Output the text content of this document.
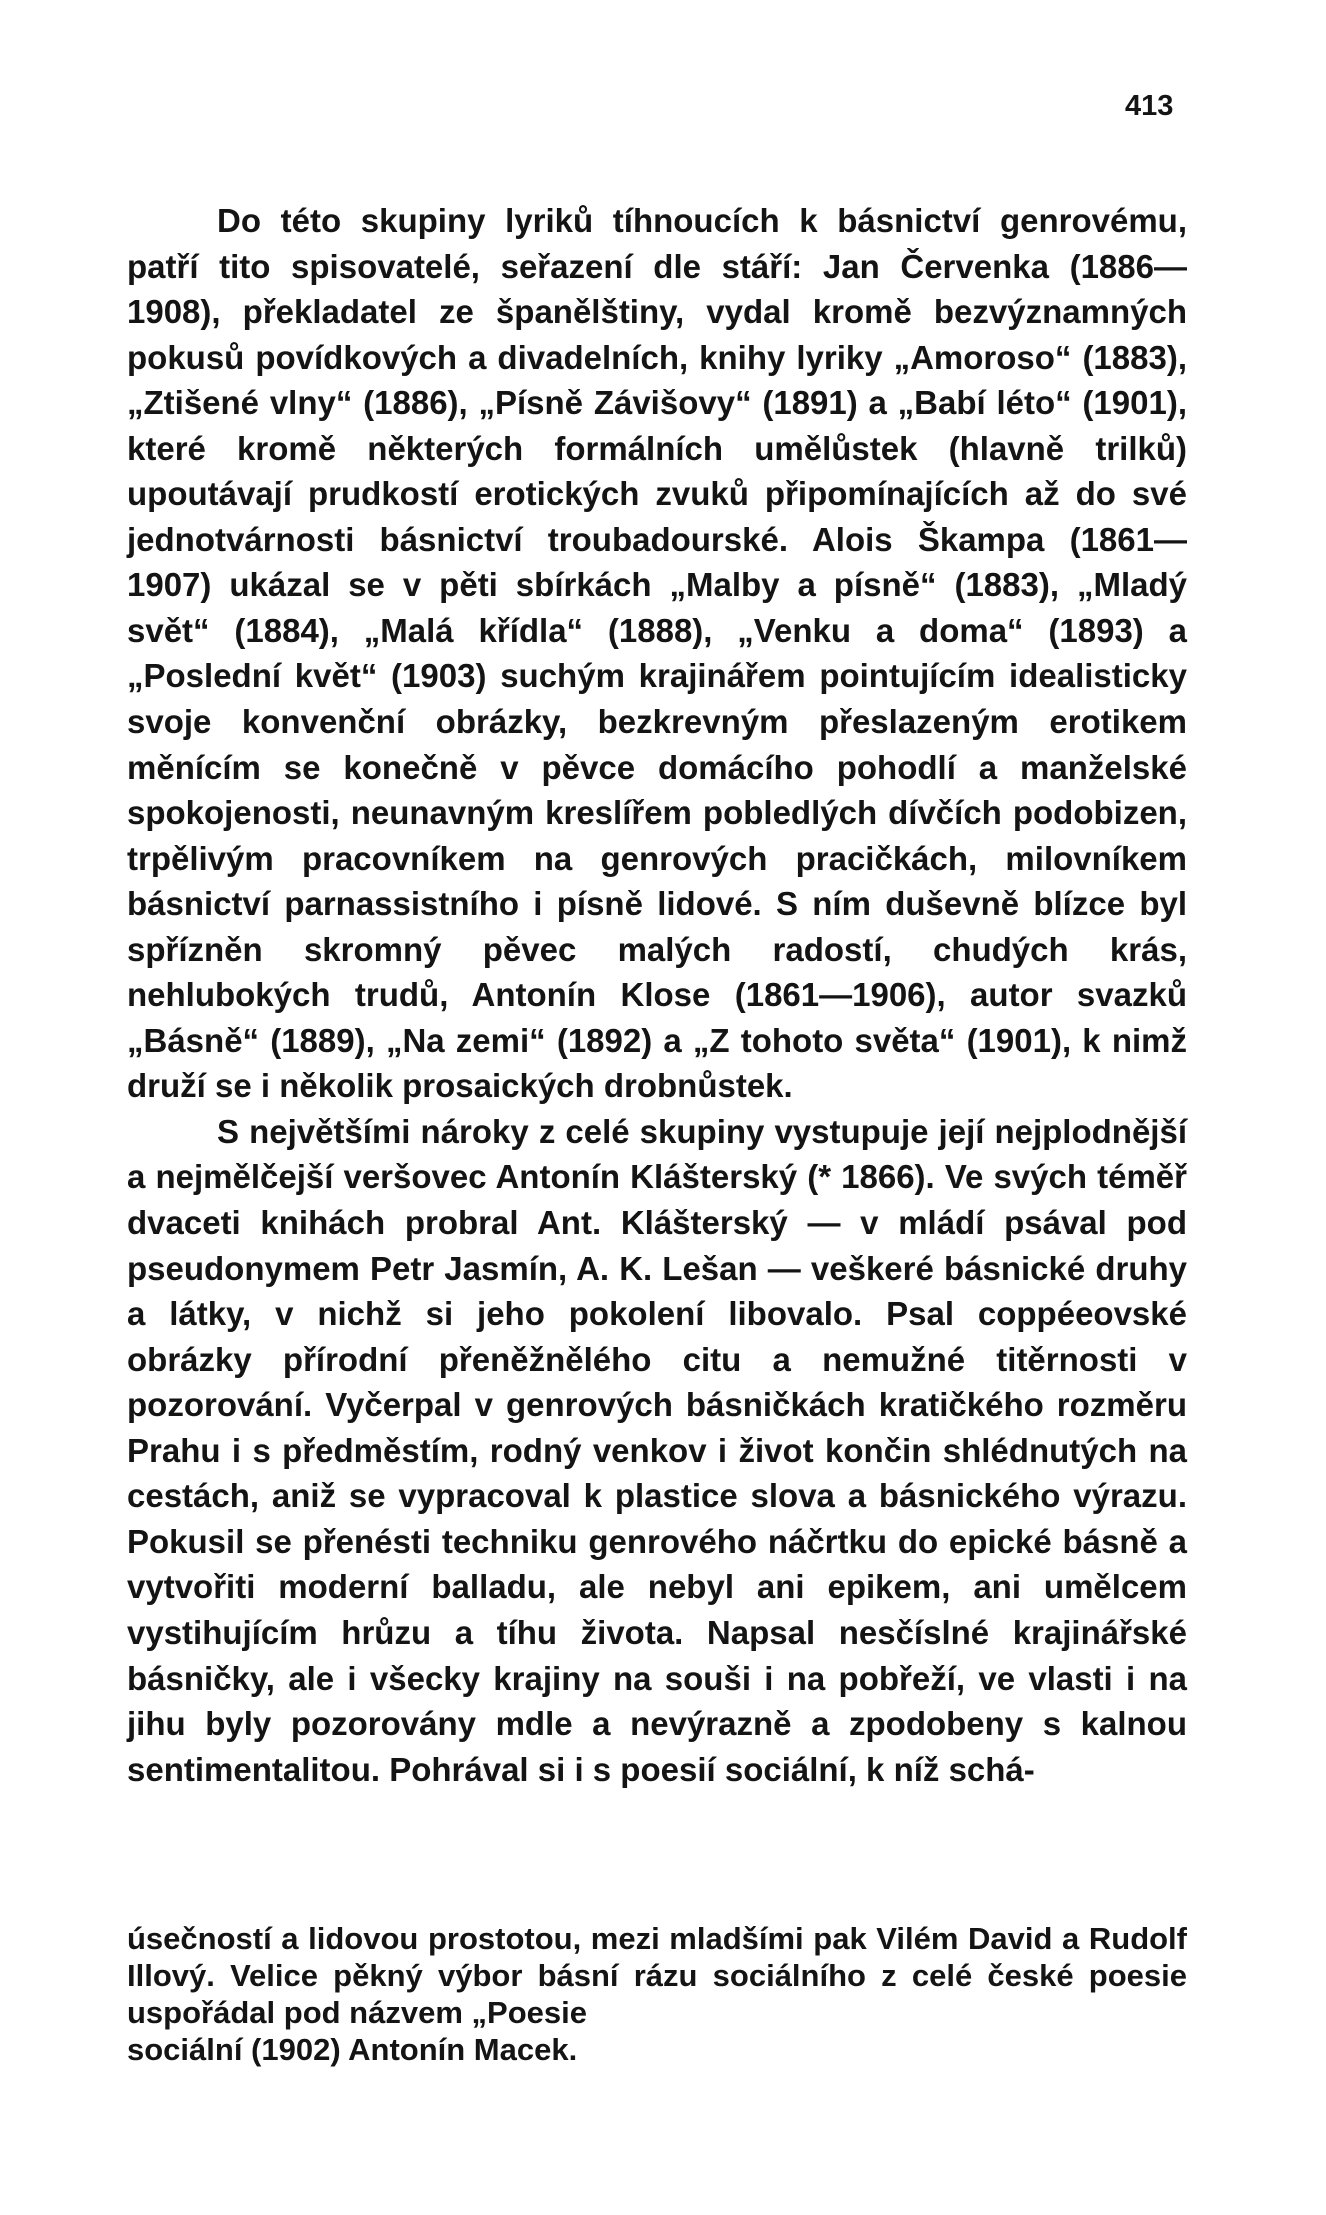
413

Do této skupiny lyriků tíhnoucích k básnictví genrovému, patří tito spisovatelé, seřazení dle stáří: Jan Červenka (1886—1908), překladatel ze španělštiny, vydal kromě bezvýznamných pokusů povídkových a divadelních, knihy lyriky „Amoroso“ (1883), „Ztišené vlny“ (1886), „Písně Závišovy“ (1891) a „Babí léto“ (1901), které kromě některých formálních umělůstek (hlavně trilků) upoutávají prudkostí erotických zvuků připomínajících až do své jednotvárnosti básnictví troubadourské. Alois Škampa (1861—1907) ukázal se v pěti sbírkách „Malby a písně“ (1883), „Mladý svět“ (1884), „Malá křídla“ (1888), „Venku a doma“ (1893) a „Poslední květ“ (1903) suchým krajinářem pointujícím idealisticky svoje konvenční obrázky, bezkrevným přeslazeným erotikem měnícím se konečně v pěvce domácího pohodlí a manželské spokojenosti, neunavným kreslířem pobledlých dívčích podobizen, trpělivým pracovníkem na genrových pracičkách, milovníkem básnictví parnassistního i písně lidové. S ním duševně blízce byl spřízněn skromný pěvec malých radostí, chudých krás, nehlubokých trudů, Antonín Klose (1861—1906), autor svazků „Básně“ (1889), „Na zemi“ (1892) a „Z tohoto světa“ (1901), k nimž druží se i několik prosaických drobnůstek.

S největšími nároky z celé skupiny vystupuje její nejplodnější a nejmělčejší veršovec Antonín Klášterský (* 1866). Ve svých téměř dvaceti knihách probral Ant. Klášterský — v mládí psával pod pseudonymem Petr Jasmín, A. K. Lešan — veškeré básnické druhy a látky, v nichž si jeho pokolení libovalo. Psal coppéeovské obrázky přírodní přeněžnělého citu a nemužné titěrnosti v pozorování. Vyčerpal v genrových básničkách kratičkého rozměru Prahu i s předměstím, rodný venkov i život končin shlédnutých na cestách, aniž se vypracoval k plastice slova a básnického výrazu. Pokusil se přenésti techniku genrového náčrtku do epické básně a vytvořiti moderní balladu, ale nebyl ani epikem, ani umělcem vystihujícím hrůzu a tíhu života. Napsal nesčíslné krajinářské básničky, ale i všecky krajiny na souši i na pobřeží, ve vlasti i na jihu byly pozorovány mdle a nevýrazně a zpodobeny s kalnou sentimentalitou. Pohrával si i s poesií sociální, k níž schá-

úsečností a lidovou prostotou, mezi mladšími pak Vilém David a Rudolf Illový. Velice pěkný výbor básní rázu sociálního z celé české poesie uspořádal pod názvem „Poesie

sociální (1902) Antonín Macek.
